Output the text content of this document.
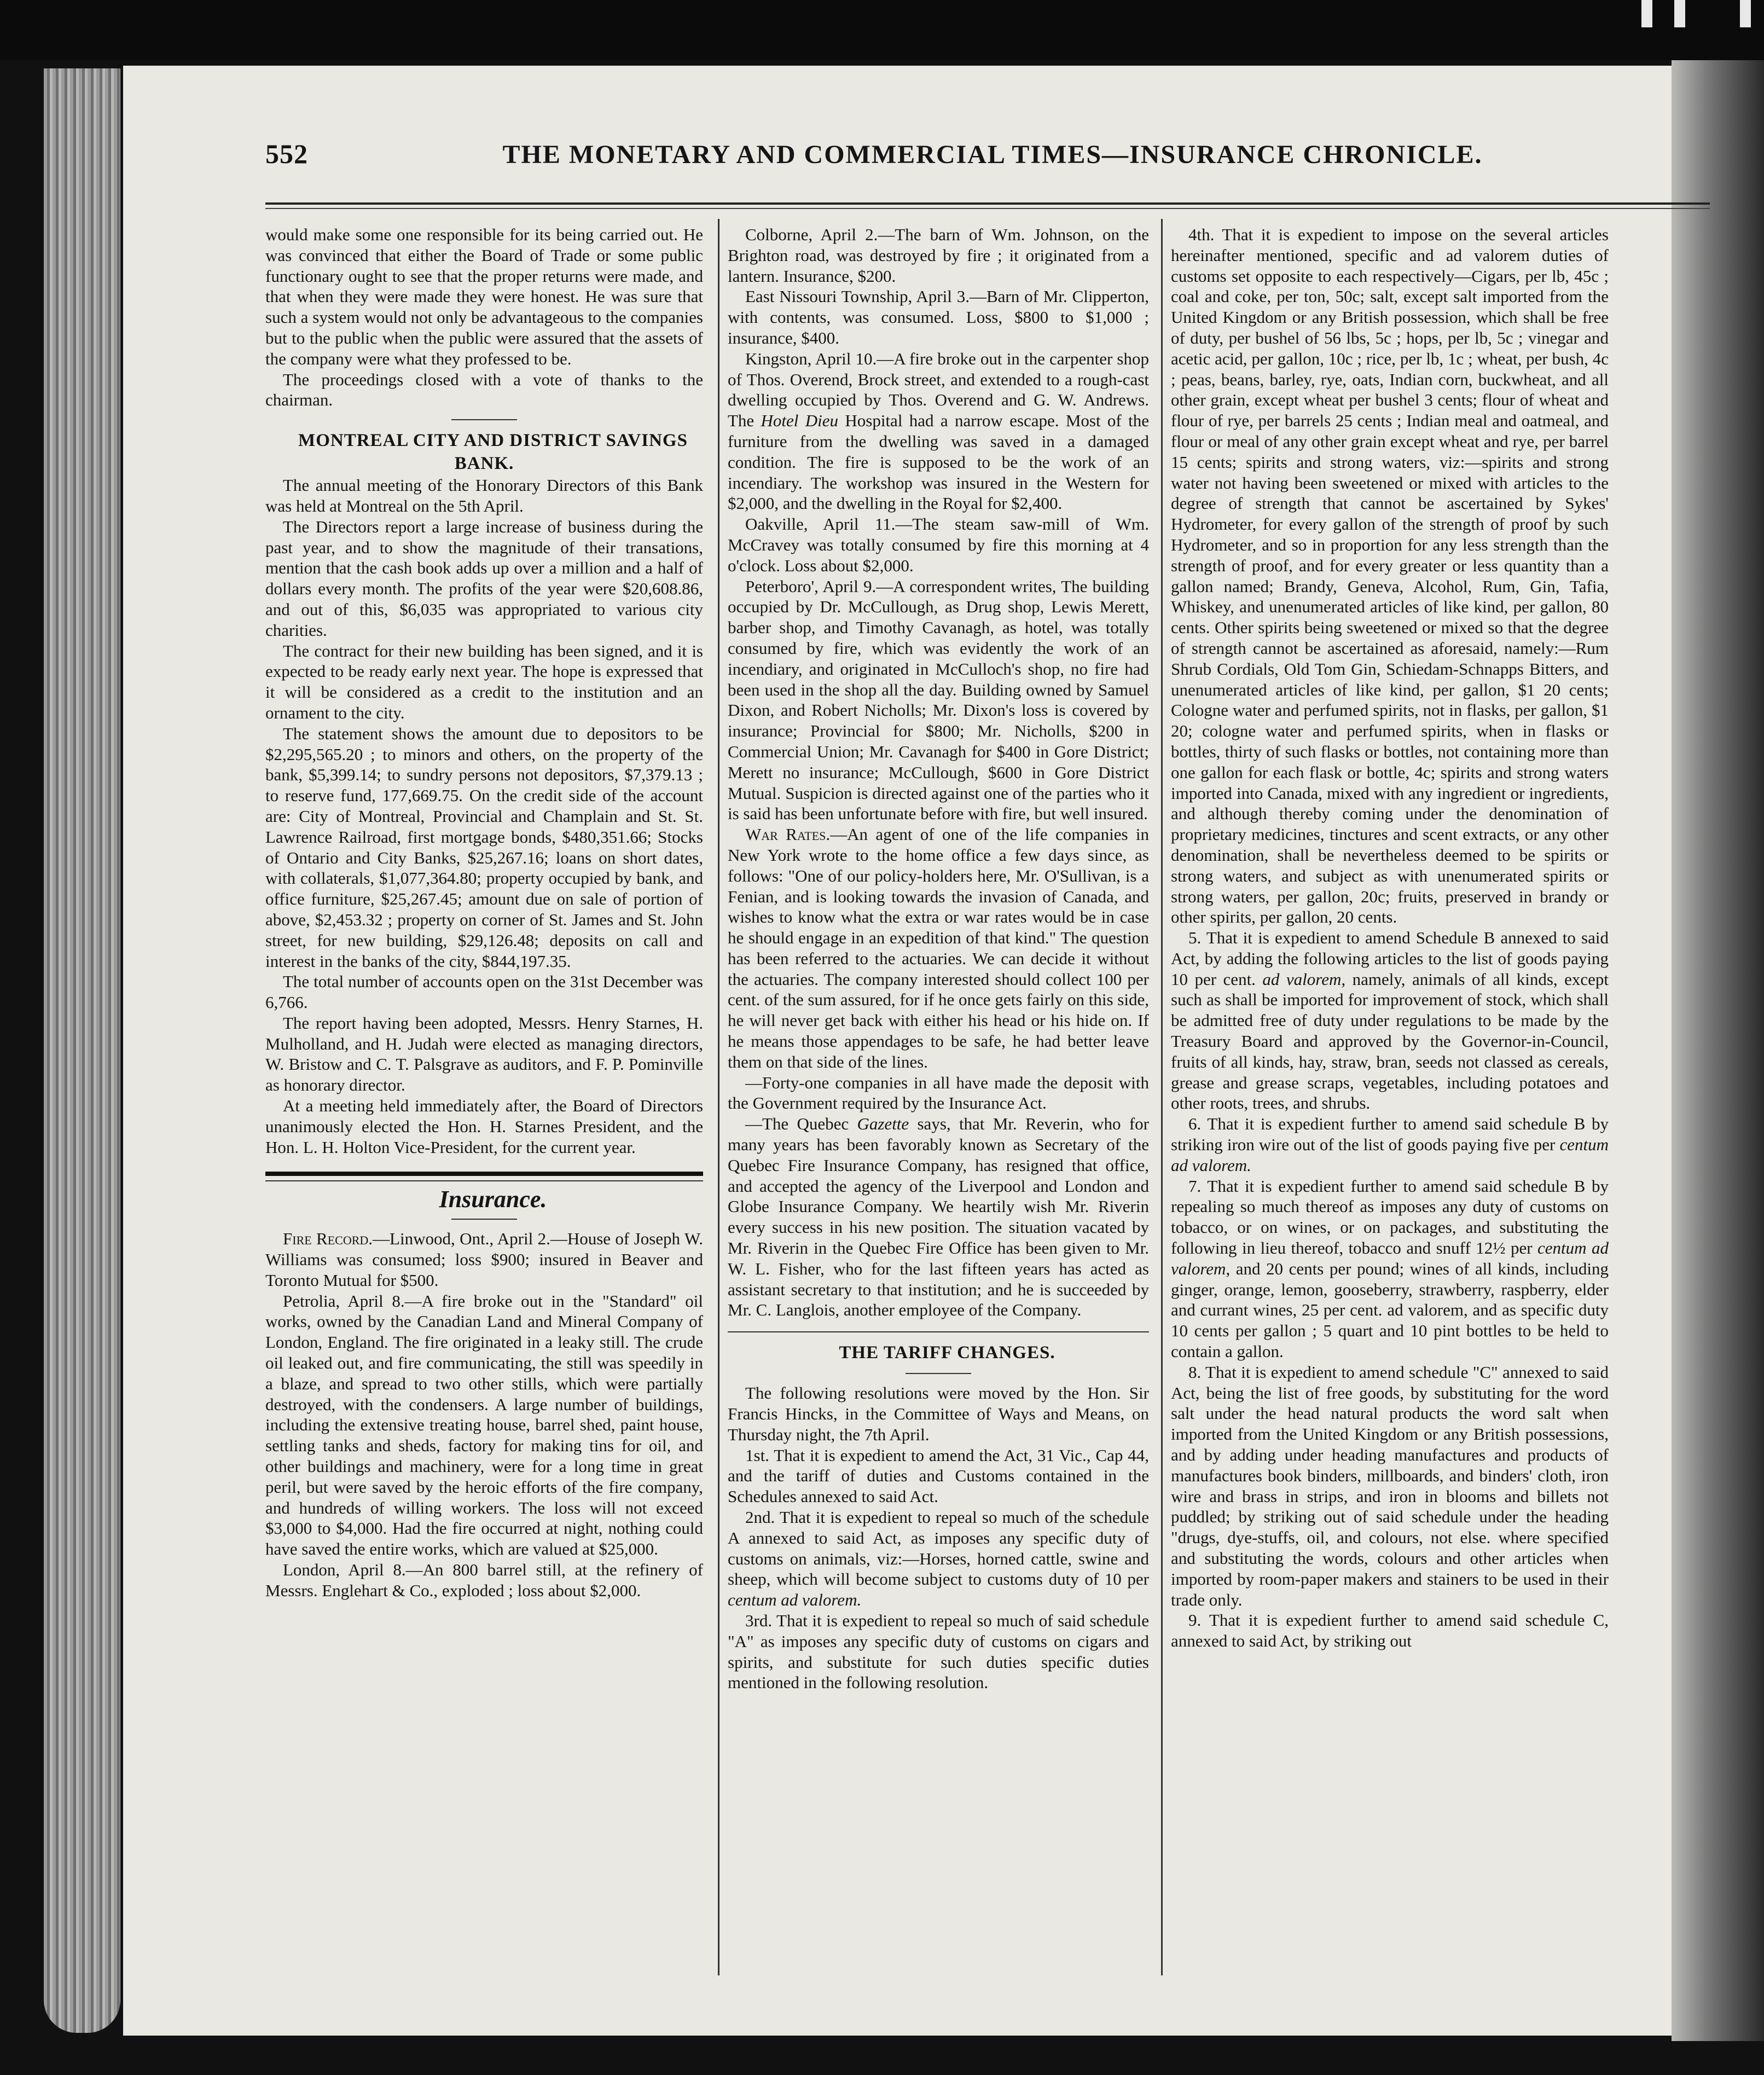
552	THE MONETARY AND COMMERCIAL TIMES—INSURANCE CHRONICLE.

would make some one responsible for its being carried out. He was convinced that either the Board of Trade or some public functionary ought to see that the proper returns were made, and that when they were made they were honest. He was sure that such a system would not only be advantageous to the companies but to the public when the public were assured that the assets of the company were what they professed to be.

The proceedings closed with a vote of thanks to the chairman.

MONTREAL CITY AND DISTRICT SAVINGS BANK.

The annual meeting of the Honorary Directors of this Bank was held at Montreal on the 5th April.

The Directors report a large increase of business during the past year, and to show the magnitude of their transations, mention that the cash book adds up over a million and a half of dollars every month. The profits of the year were $20,608.86, and out of this, $6,035 was appropriated to various city charities.

The contract for their new building has been signed, and it is expected to be ready early next year. The hope is expressed that it will be considered as a credit to the institution and an ornament to the city.

The statement shows the amount due to depositors to be $2,295,565.20 ; to minors and others, on the property of the bank, $5,399.14; to sundry persons not depositors, $7,379.13 ; to reserve fund, 177,669.75. On the credit side of the account are: City of Montreal, Provincial and Champlain and St. St. Lawrence Railroad, first mortgage bonds, $480,351.66; Stocks of Ontario and City Banks, $25,267.16; loans on short dates, with collaterals, $1,077,364.80; property occupied by bank, and office furniture, $25,267.45; amount due on sale of portion of above, $2,453.32 ; property on corner of St. James and St. John street, for new building, $29,126.48; deposits on call and interest in the banks of the city, $844,197.35.

The total number of accounts open on the 31st December was 6,766.

The report having been adopted, Messrs. Henry Starnes, H. Mulholland, and H. Judah were elected as managing directors, W. Bristow and C. T. Palsgrave as auditors, and F. P. Pominville as honorary director.

At a meeting held immediately after, the Board of Directors unanimously elected the Hon. H. Starnes President, and the Hon. L. H. Holton Vice-President, for the current year.

Insurance.

Fire Record.—Linwood, Ont., April 2.—House of Joseph W. Williams was consumed; loss $900; insured in Beaver and Toronto Mutual for $500.

Petrolia, April 8.—A fire broke out in the "Standard" oil works, owned by the Canadian Land and Mineral Company of London, England. The fire originated in a leaky still. The crude oil leaked out, and fire communicating, the still was speedily in a blaze, and spread to two other stills, which were partially destroyed, with the condensers. A large number of buildings, including the extensive treating house, barrel shed, paint house, settling tanks and sheds, factory for making tins for oil, and other buildings and machinery, were for a long time in great peril, but were saved by the heroic efforts of the fire company, and hundreds of willing workers. The loss will not exceed $3,000 to $4,000. Had the fire occurred at night, nothing could have saved the entire works, which are valued at $25,000.

London, April 8.—An 800 barrel still, at the refinery of Messrs. Englehart & Co., exploded ; loss about $2,000.

Colborne, April 2.—The barn of Wm. Johnson, on the Brighton road, was destroyed by fire ; it originated from a lantern. Insurance, $200.

East Nissouri Township, April 3.—Barn of Mr. Clipperton, with contents, was consumed. Loss, $800 to $1,000 ; insurance, $400.

Kingston, April 10.—A fire broke out in the carpenter shop of Thos. Overend, Brock street, and extended to a rough-cast dwelling occupied by Thos. Overend and G. W. Andrews. The Hotel Dieu Hospital had a narrow escape. Most of the furniture from the dwelling was saved in a damaged condition. The fire is supposed to be the work of an incendiary. The workshop was insured in the Western for $2,000, and the dwelling in the Royal for $2,400.

Oakville, April 11.—The steam saw-mill of Wm. McCravey was totally consumed by fire this morning at 4 o'clock. Loss about $2,000.

Peterboro', April 9.—A correspondent writes, The building occupied by Dr. McCullough, as Drug shop, Lewis Merett, barber shop, and Timothy Cavanagh, as hotel, was totally consumed by fire, which was evidently the work of an incendiary, and originated in McCulloch's shop, no fire had been used in the shop all the day. Building owned by Samuel Dixon, and Robert Nicholls; Mr. Dixon's loss is covered by insurance; Provincial for $800; Mr. Nicholls, $200 in Commercial Union; Mr. Cavanagh for $400 in Gore District; Merett no insurance; McCullough, $600 in Gore District Mutual. Suspicion is directed against one of the parties who it is said has been unfortunate before with fire, but well insured.

War Rates.—An agent of one of the life companies in New York wrote to the home office a few days since, as follows: "One of our policy-holders here, Mr. O'Sullivan, is a Fenian, and is looking towards the invasion of Canada, and wishes to know what the extra or war rates would be in case he should engage in an expedition of that kind." The question has been referred to the actuaries. We can decide it without the actuaries. The company interested should collect 100 per cent. of the sum assured, for if he once gets fairly on this side, he will never get back with either his head or his hide on. If he means those appendages to be safe, he had better leave them on that side of the lines.

—Forty-one companies in all have made the deposit with the Government required by the Insurance Act.

—The Quebec Gazette says, that Mr. Reverin, who for many years has been favorably known as Secretary of the Quebec Fire Insurance Company, has resigned that office, and accepted the agency of the Liverpool and London and Globe Insurance Company. We heartily wish Mr. Riverin every success in his new position. The situation vacated by Mr. Riverin in the Quebec Fire Office has been given to Mr. W. L. Fisher, who for the last fifteen years has acted as assistant secretary to that institution; and he is succeeded by Mr. C. Langlois, another employee of the Company.

THE TARIFF CHANGES.

The following resolutions were moved by the Hon. Sir Francis Hincks, in the Committee of Ways and Means, on Thursday night, the 7th April.

1st. That it is expedient to amend the Act, 31 Vic., Cap 44, and the tariff of duties and Customs contained in the Schedules annexed to said Act.

2nd. That it is expedient to repeal so much of the schedule A annexed to said Act, as imposes any specific duty of customs on animals, viz:—Horses, horned cattle, swine and sheep, which will become subject to customs duty of 10 per centum ad valorem.

3rd. That it is expedient to repeal so much of said schedule "A" as imposes any specific duty of customs on cigars and spirits, and substitute for such duties specific duties mentioned in the following resolution.

4th. That it is expedient to impose on the several articles hereinafter mentioned, specific and ad valorem duties of customs set opposite to each respectively—Cigars, per lb, 45c ; coal and coke, per ton, 50c; salt, except salt imported from the United Kingdom or any British possession, which shall be free of duty, per bushel of 56 lbs, 5c ; hops, per lb, 5c ; vinegar and acetic acid, per gallon, 10c ; rice, per lb, 1c ; wheat, per bush, 4c ; peas, beans, barley, rye, oats, Indian corn, buckwheat, and all other grain, except wheat per bushel 3 cents; flour of wheat and flour of rye, per barrels 25 cents ; Indian meal and oatmeal, and flour or meal of any other grain except wheat and rye, per barrel 15 cents; spirits and strong waters, viz:—spirits and strong water not having been sweetened or mixed with articles to the degree of strength that cannot be ascertained by Sykes' Hydrometer, for every gallon of the strength of proof by such Hydrometer, and so in proportion for any less strength than the strength of proof, and for every greater or less quantity than a gallon named; Brandy, Geneva, Alcohol, Rum, Gin, Tafia, Whiskey, and unenumerated articles of like kind, per gallon, 80 cents. Other spirits being sweetened or mixed so that the degree of strength cannot be ascertained as aforesaid, namely:—Rum Shrub Cordials, Old Tom Gin, Schiedam-Schnapps Bitters, and unenumerated articles of like kind, per gallon, $1 20 cents; Cologne water and perfumed spirits, not in flasks, per gallon, $1 20; cologne water and perfumed spirits, when in flasks or bottles, thirty of such flasks or bottles, not containing more than one gallon for each flask or bottle, 4c; spirits and strong waters imported into Canada, mixed with any ingredient or ingredients, and although thereby coming under the denomination of proprietary medicines, tinctures and scent extracts, or any other denomination, shall be nevertheless deemed to be spirits or strong waters, and subject as with unenumerated spirits or strong waters, per gallon, 20c; fruits, preserved in brandy or other spirits, per gallon, 20 cents.

5. That it is expedient to amend Schedule B annexed to said Act, by adding the following articles to the list of goods paying 10 per cent. ad valorem, namely, animals of all kinds, except such as shall be imported for improvement of stock, which shall be admitted free of duty under regulations to be made by the Treasury Board and approved by the Governor-in-Council, fruits of all kinds, hay, straw, bran, seeds not classed as cereals, grease and grease scraps, vegetables, including potatoes and other roots, trees, and shrubs.

6. That it is expedient further to amend said schedule B by striking iron wire out of the list of goods paying five per centum ad valorem.

7. That it is expedient further to amend said schedule B by repealing so much thereof as imposes any duty of customs on tobacco, or on wines, or on packages, and substituting the following in lieu thereof, tobacco and snuff 12½ per centum ad valorem, and 20 cents per pound; wines of all kinds, including ginger, orange, lemon, gooseberry, strawberry, raspberry, elder and currant wines, 25 per cent. ad valorem, and as specific duty 10 cents per gallon ; 5 quart and 10 pint bottles to be held to contain a gallon.

8. That it is expedient to amend schedule "C" annexed to said Act, being the list of free goods, by substituting for the word salt under the head natural products the word salt when imported from the United Kingdom or any British possessions, and by adding under heading manufactures and products of manufactures book binders, millboards, and binders' cloth, iron wire and brass in strips, and iron in blooms and billets not puddled; by striking out of said schedule under the heading "drugs, dye-stuffs, oil, and colours, not else. where specified and substituting the words, colours and other articles when imported by room-paper makers and stainers to be used in their trade only.

9. That it is expedient further to amend said schedule C, annexed to said Act, by striking out
